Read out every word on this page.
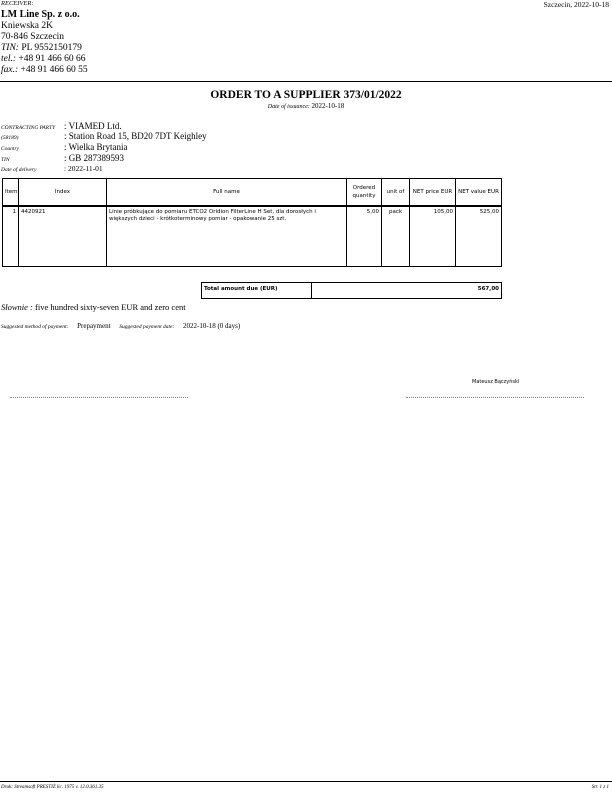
RECEIVER:
LM Line Sp. z o.o.
Kniewska 2K
70-846 Szczecin
TIN: PL 9552150179
tel.: +48 91 466 60 66
fax.: +48 91 466 60 55
Szczecin, 2022-10-18
ORDER TO A SUPPLIER 373/01/2022
Date of issuance: 2022-10-18
CONTRACTING PARTY : VIAMED Ltd.
(58189)	: Station Road 15, BD20 7DT Keighley
Country	: Wielka Brytania
TIN	: GB 287389593
Date of delivery	: 2022-11-01
Item	Index	Full name	Ordered quantity	unit of	NET price EUR	NET value EUR
1	4420921	Linie próbkujące do pomiaru ETCO2 Oridion FilterLine H Set, dla dorosłych i większych dzieci - krótkoterminowy pomiar - opakowanie 25 szt.	5,00	pack	105,00	525,00
Total amount due (EUR)	567,00
Słownie : five hundred sixty-seven EUR and zero cent
Suggested method of payment: Prepayment Suggested payment date: 2022-10-18 (0 days)
Mateusz Bączyński
Druk: Streamsoft PRESTIŻ lic. 1975 v. 12.0.361.35	Str. 1 z 1
